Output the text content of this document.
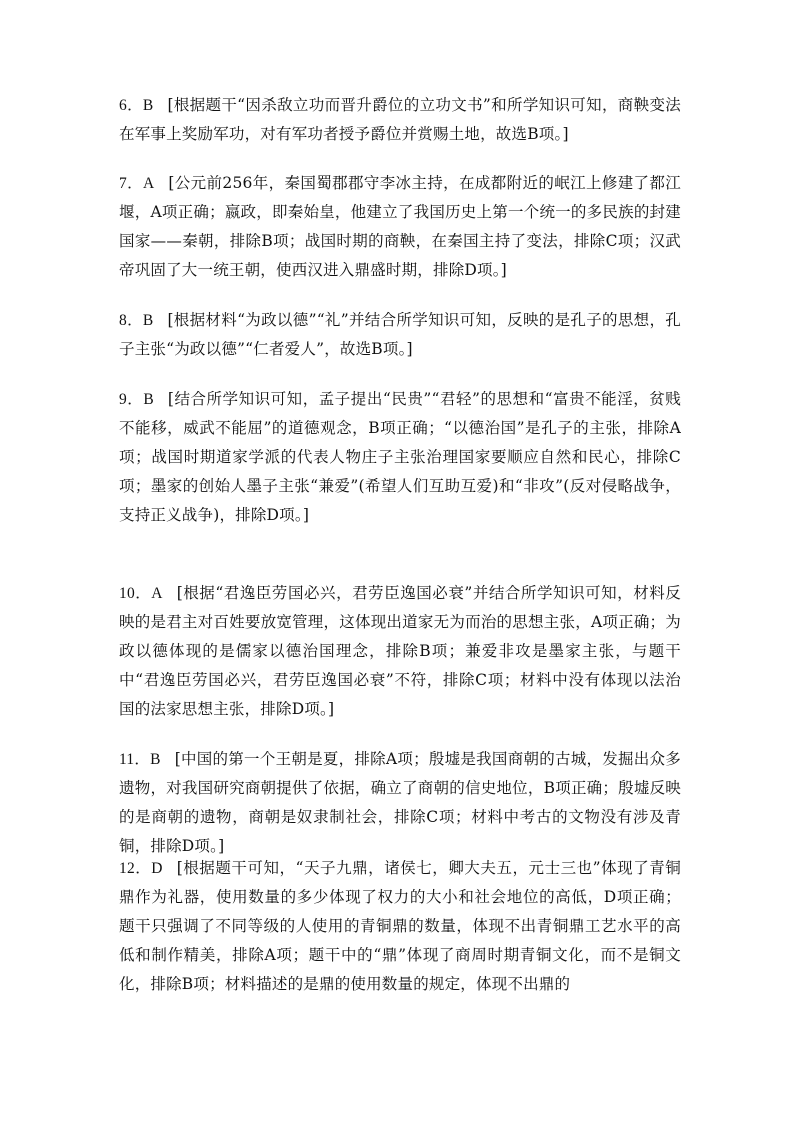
6．B [根据题干“因杀敌立功而晋升爵位的立功文书”和所学知识可知，商鞅变法在军事上奖励军功，对有军功者授予爵位并赏赐土地，故选B项。]
7．A [公元前256年，秦国蜀郡郡守李冰主持，在成都附近的岷江上修建了都江堰，A项正确；嬴政，即秦始皇，他建立了我国历史上第一个统一的多民族的封建国家——秦朝，排除B项；战国时期的商鞅，在秦国主持了变法，排除C项；汉武帝巩固了大一统王朝，使西汉进入鼎盛时期，排除D项。]
8．B [根据材料“为政以德”“礼”并结合所学知识可知，反映的是孔子的思想，孔子主张“为政以德”“仁者爱人”，故选B项。]
9．B [结合所学知识可知，孟子提出“民贵”“君轻”的思想和“富贵不能淫，贫贱不能移，威武不能屈”的道德观念，B项正确；“以德治国”是孔子的主张，排除A项；战国时期道家学派的代表人物庄子主张治理国家要顺应自然和民心，排除C项；墨家的创始人墨子主张“兼爱”(希望人们互助互爱)和“非攻”(反对侵略战争，支持正义战争)，排除D项。]
10．A [根据“君逸臣劳国必兴，君劳臣逸国必衰”并结合所学知识可知，材料反映的是君主对百姓要放宽管理，这体现出道家无为而治的思想主张，A项正确；为政以德体现的是儒家以德治国理念，排除B项；兼爱非攻是墨家主张，与题干中“君逸臣劳国必兴，君劳臣逸国必衰”不符，排除C项；材料中没有体现以法治国的法家思想主张，排除D项。]
11．B [中国的第一个王朝是夏，排除A项；殷墟是我国商朝的古城，发掘出众多遗物，对我国研究商朝提供了依据，确立了商朝的信史地位，B项正确；殷墟反映的是商朝的遗物，商朝是奴隶制社会，排除C项；材料中考古的文物没有涉及青铜，排除D项。]
12．D [根据题干可知，“天子九鼎，诸侯七，卿大夫五，元士三也”体现了青铜鼎作为礼器，使用数量的多少体现了权力的大小和社会地位的高低，D项正确；题干只强调了不同等级的人使用的青铜鼎的数量，体现不出青铜鼎工艺水平的高低和制作精美，排除A项；题干中的“鼎”体现了商周时期青铜文化，而不是铜文化，排除B项；材料描述的是鼎的使用数量的规定，体现不出鼎的
